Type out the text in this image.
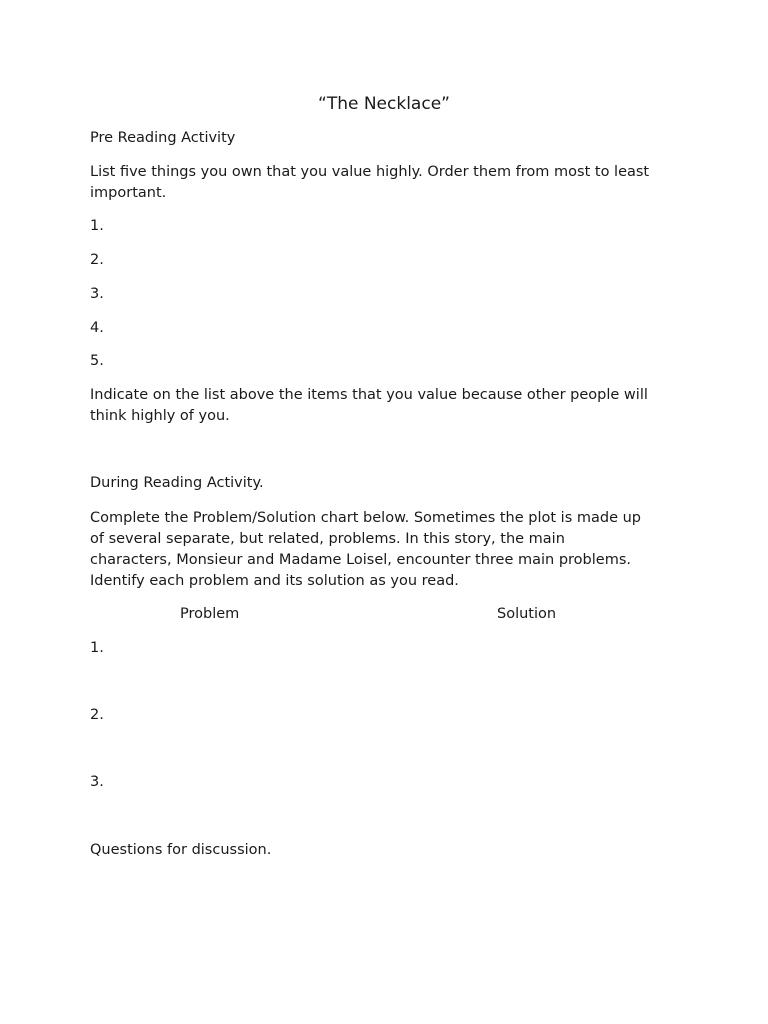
“The Necklace”
Pre Reading Activity
List five things you own that you value highly. Order them from most to least
important.
1.
2.
3.
4.
5.
Indicate on the list above the items that you value because other people will
think highly of you.
During Reading Activity.
Complete the Problem/Solution chart below. Sometimes the plot is made up
of several separate, but related, problems. In this story, the main
characters, Monsieur and Madame Loisel, encounter three main problems.
Identify each problem and its solution as you read.
Problem	Solution
1.
2.
3.
Questions for discussion.
